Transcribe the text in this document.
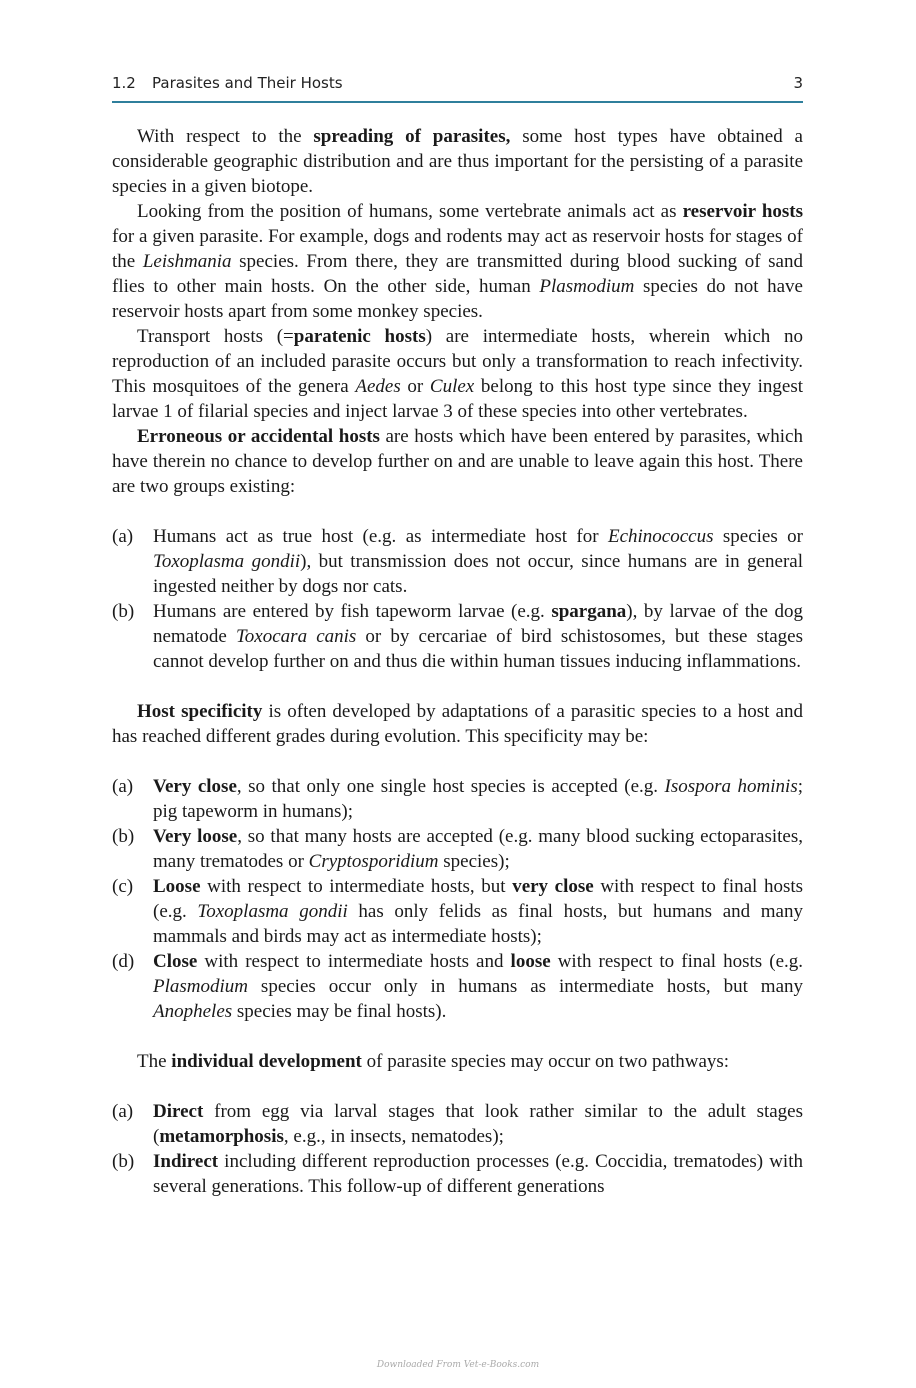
1.2 Parasites and Their Hosts	3

With respect to the spreading of parasites, some host types have obtained a considerable geographic distribution and are thus important for the persisting of a parasite species in a given biotope.

Looking from the position of humans, some vertebrate animals act as reservoir hosts for a given parasite. For example, dogs and rodents may act as reservoir hosts for stages of the Leishmania species. From there, they are transmitted during blood sucking of sand flies to other main hosts. On the other side, human Plasmodium species do not have reservoir hosts apart from some monkey species.

Transport hosts (=paratenic hosts) are intermediate hosts, wherein which no reproduction of an included parasite occurs but only a transformation to reach infectivity. This mosquitoes of the genera Aedes or Culex belong to this host type since they ingest larvae 1 of filarial species and inject larvae 3 of these species into other vertebrates.

Erroneous or accidental hosts are hosts which have been entered by parasites, which have therein no chance to develop further on and are unable to leave again this host. There are two groups existing:

(a) Humans act as true host (e.g. as intermediate host for Echinococcus species or Toxoplasma gondii), but transmission does not occur, since humans are in general ingested neither by dogs nor cats.
(b) Humans are entered by fish tapeworm larvae (e.g. spargana), by larvae of the dog nematode Toxocara canis or by cercariae of bird schistosomes, but these stages cannot develop further on and thus die within human tissues inducing inflammations.

Host specificity is often developed by adaptations of a parasitic species to a host and has reached different grades during evolution. This specificity may be:

(a) Very close, so that only one single host species is accepted (e.g. Isospora hominis; pig tapeworm in humans);
(b) Very loose, so that many hosts are accepted (e.g. many blood sucking ectoparasites, many trematodes or Cryptosporidium species);
(c) Loose with respect to intermediate hosts, but very close with respect to final hosts (e.g. Toxoplasma gondii has only felids as final hosts, but humans and many mammals and birds may act as intermediate hosts);
(d) Close with respect to intermediate hosts and loose with respect to final hosts (e.g. Plasmodium species occur only in humans as intermediate hosts, but many Anopheles species may be final hosts).

The individual development of parasite species may occur on two pathways:

(a) Direct from egg via larval stages that look rather similar to the adult stages (metamorphosis, e.g., in insects, nematodes);
(b) Indirect including different reproduction processes (e.g. Coccidia, trematodes) with several generations. This follow-up of different generations
Downloaded From Vet-e-Books.com
